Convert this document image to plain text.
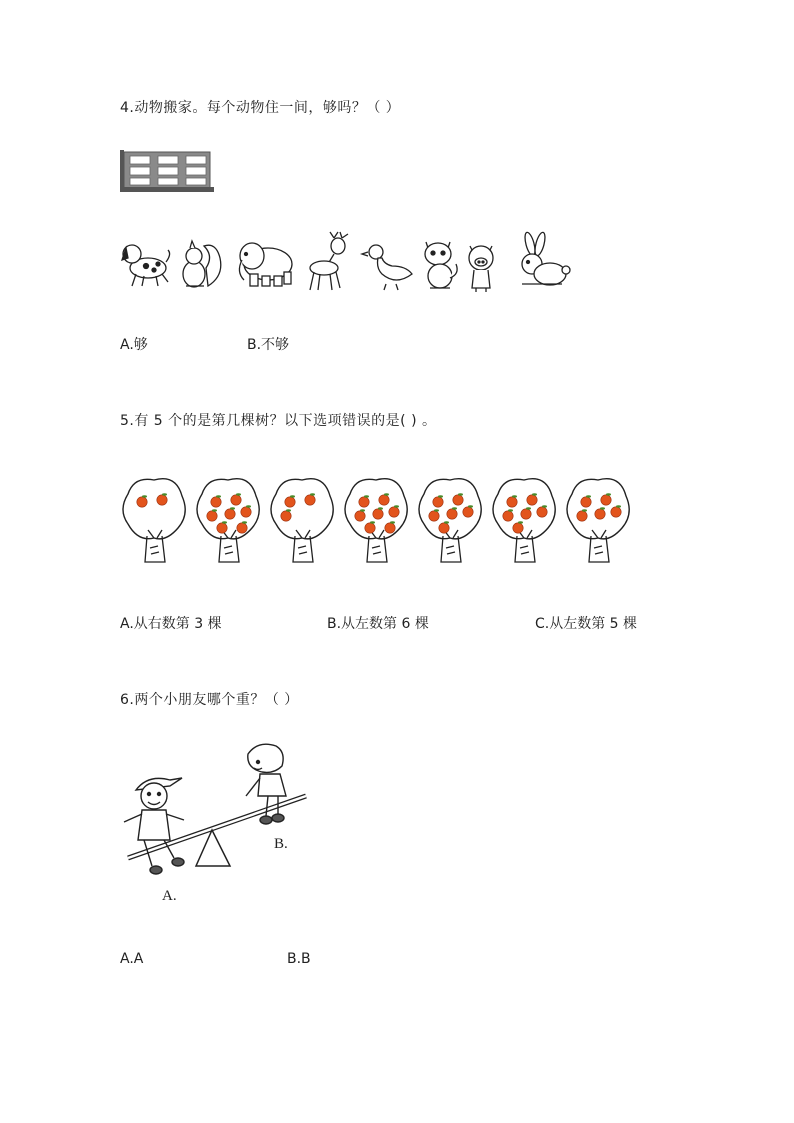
4.动物搬家。每个动物住一间，够吗？（ ）
A.够	B.不够
5.有 5 个的是第几棵树？以下选项错误的是( ) 。
A.从右数第 3 棵	B.从左数第 6 棵	C.从左数第 5 棵
6.两个小朋友哪个重？（ ）
A.
B.
A.A	B.B
